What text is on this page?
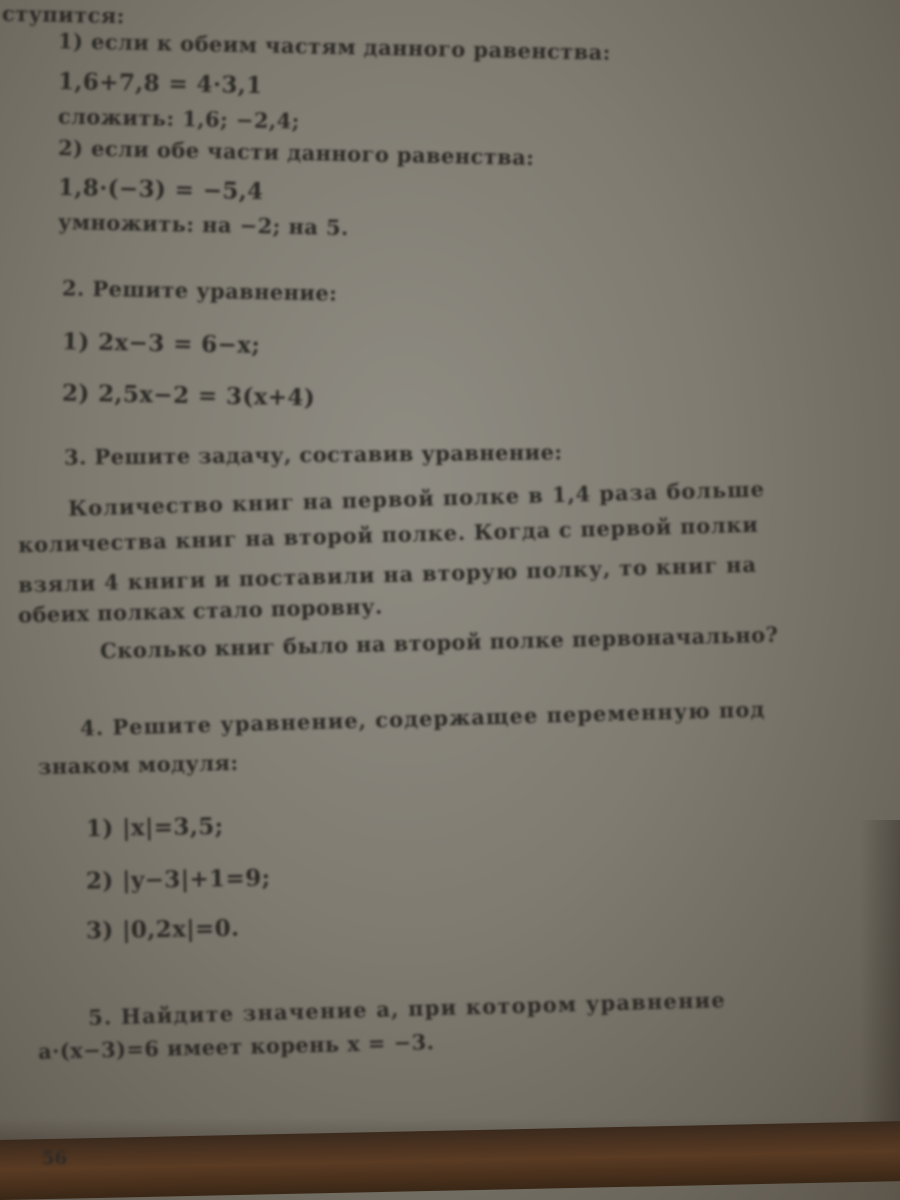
ступится:
1) если к обеим частям данного равенства:
1,6+7,8 = 4·3,1
сложить: 1,6; −2,4;
2) если обе части данного равенства:
1,8·(−3) = −5,4
умножить: на −2; на 5.
2. Решите уравнение:
1) 2x−3 = 6−x;
2) 2,5x−2 = 3(x+4)
3. Решите задачу, составив уравнение:
Количество книг на первой полке в 1,4 раза больше
количества книг на второй полке. Когда с первой полки
взяли 4 книги и поставили на вторую полку, то книг на
обеих полках стало поровну.
Сколько книг было на второй полке первоначально?
4. Решите уравнение, содержащее переменную под
знаком модуля:
1) |x|=3,5;
2) |y−3|+1=9;
3) |0,2x|=0.
5. Найдите значение a, при котором уравнение
a·(x−3)=6 имеет корень x = −3.
56
